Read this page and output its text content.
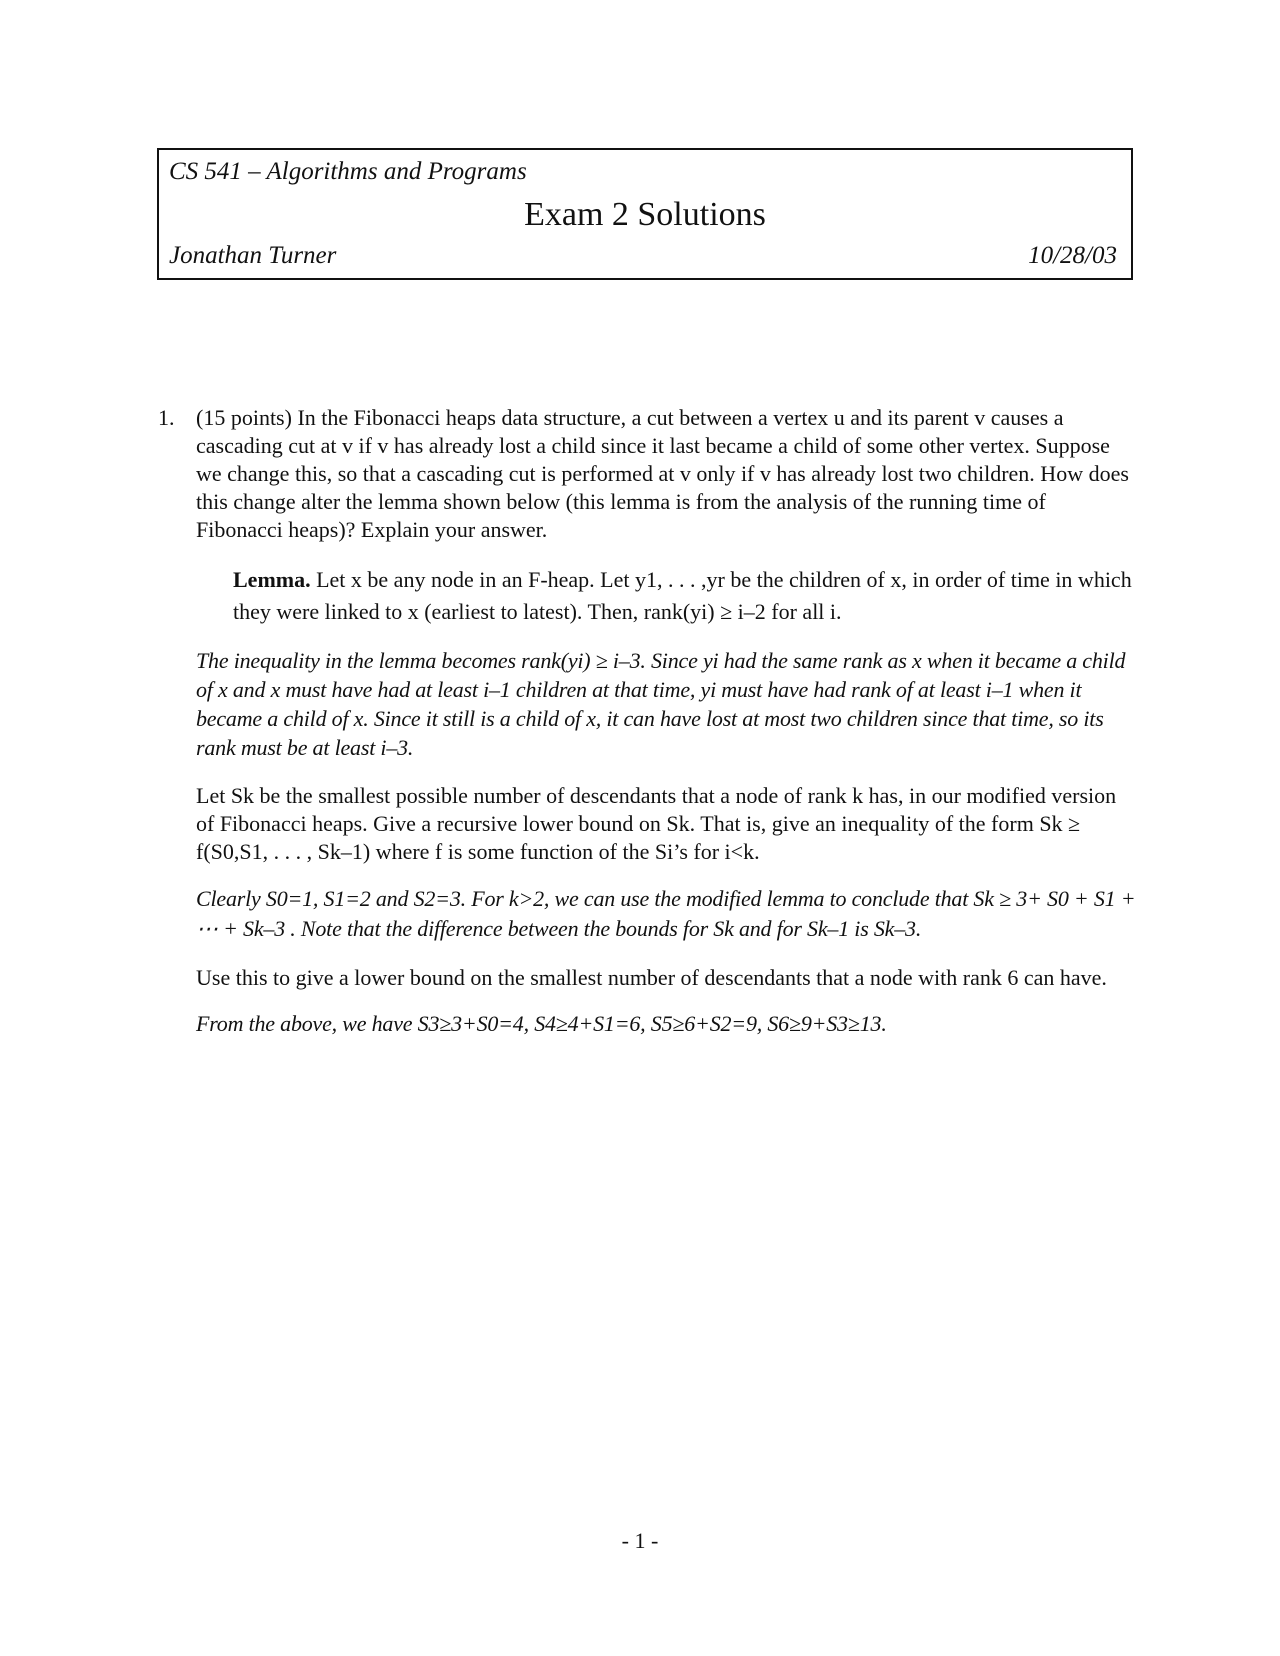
CS 541 – Algorithms and Programs
Exam 2 Solutions
Jonathan Turner	10/28/03
1. (15 points) In the Fibonacci heaps data structure, a cut between a vertex u and its parent v causes a cascading cut at v if v has already lost a child since it last became a child of some other vertex. Suppose we change this, so that a cascading cut is performed at v only if v has already lost two children. How does this change alter the lemma shown below (this lemma is from the analysis of the running time of Fibonacci heaps)? Explain your answer.

Lemma. Let x be any node in an F-heap. Let y1, . . . ,yr be the children of x, in order of time in which they were linked to x (earliest to latest). Then, rank(yi) ≥ i–2 for all i.

The inequality in the lemma becomes rank(yi) ≥ i–3. Since yi had the same rank as x when it became a child of x and x must have had at least i–1 children at that time, yi must have had rank of at least i–1 when it became a child of x. Since it still is a child of x, it can have lost at most two children since that time, so its rank must be at least i–3.

Let Sk be the smallest possible number of descendants that a node of rank k has, in our modified version of Fibonacci heaps. Give a recursive lower bound on Sk. That is, give an inequality of the form Sk ≥ f(S0,S1, . . . , Sk–1) where f is some function of the Si’s for i<k.

Clearly S0=1, S1=2 and S2=3. For k>2, we can use the modified lemma to conclude that Sk ≥ 3+ S0 + S1 + ⋯ + Sk–3 . Note that the difference between the bounds for Sk and for Sk–1 is Sk–3.

Use this to give a lower bound on the smallest number of descendants that a node with rank 6 can have.

From the above, we have S3≥3+S0=4, S4≥4+S1=6, S5≥6+S2=9, S6≥9+S3≥13.

- 1 -
